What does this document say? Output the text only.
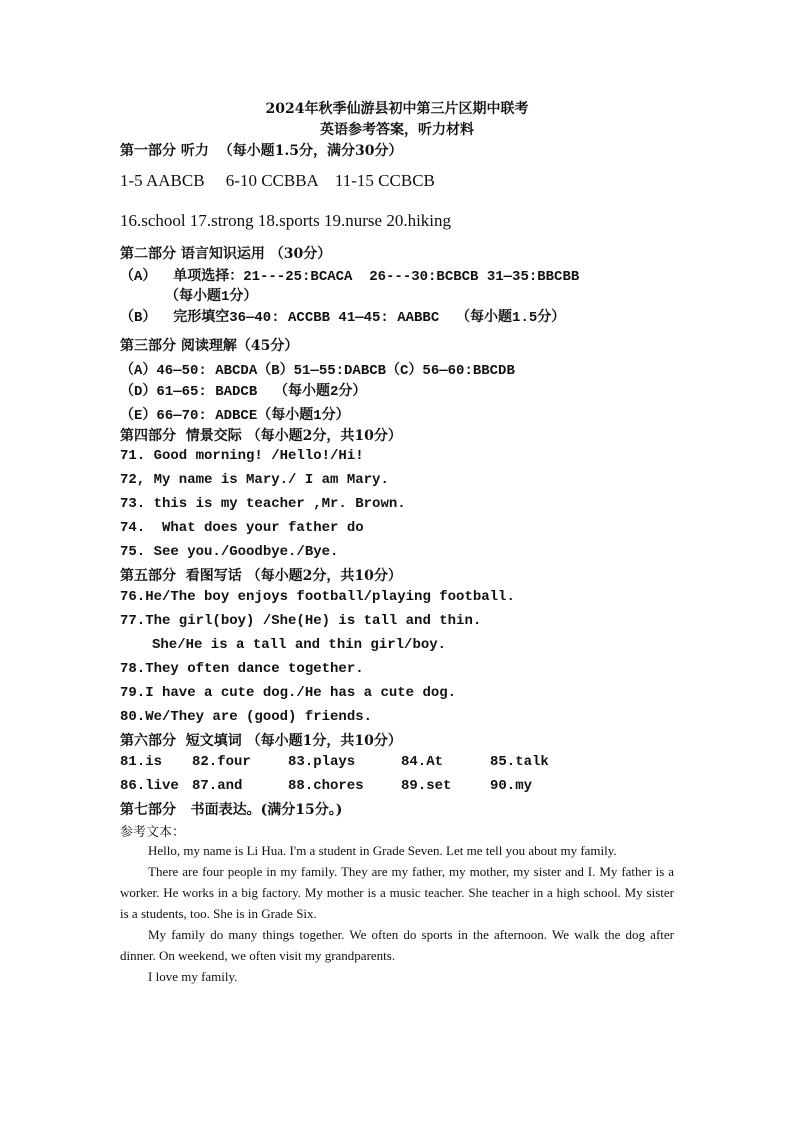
2024年秋季仙游县初中第三片区期中联考
英语参考答案，听力材料
第一部分 听力  （每小题1.5分，满分30分）
1-5 AABCB     6-10 CCBBA    11-15 CCBCB
16.school 17.strong 18.sports 19.nurse 20.hiking
第二部分 语言知识运用 （30分）
（A）  单项选择：21---25:BCACA  26---30:BCBCB 31—35:BBCBB
（每小题1分）
（B）  完形填空36—40: ACCBB 41—45: AABBC  （每小题1.5分）
第三部分 阅读理解（45分）
（A）46—50: ABCDA（B）51—55:DABCB（C）56—60:BBCDB
（D）61—65: BADCB  （每小题2分）
（E）66—70: ADBCE（每小题1分）
第四部分  情景交际 （每小题2分，共10分）
71. Good morning! /Hello!/Hi!
72, My name is Mary./ I am Mary.
73. this is my teacher ,Mr. Brown.
74.  What does your father do
75. See you./Goodbye./Bye.
第五部分  看图写话 （每小题2分，共10分）
76.He/The boy enjoys football/playing football.
77.The girl(boy) /She(He) is tall and thin.
She/He is a tall and thin girl/boy.
78.They often dance together.
79.I have a cute dog./He has a cute dog.
80.We/They are (good) friends.
第六部分  短文填词 （每小题1分，共10分）
81.is 82.four	83.plays	84.At	85.talk
86.live 87.and	88.chores	89.set	90.my
第七部分   书面表达。(满分15分。)
参考文本：

Hello, my name is Li Hua. I'm a student in Grade Seven. Let me tell you about my family.

There are four people in my family. They are my father, my mother, my sister and I. My father is a worker. He works in a big factory. My mother is a music teacher. She teacher in a high school. My sister is a students, too. She is in Grade Six.

My family do many things together. We often do sports in the afternoon. We walk the dog after dinner. On weekend, we often visit my grandparents.

I love my family.
